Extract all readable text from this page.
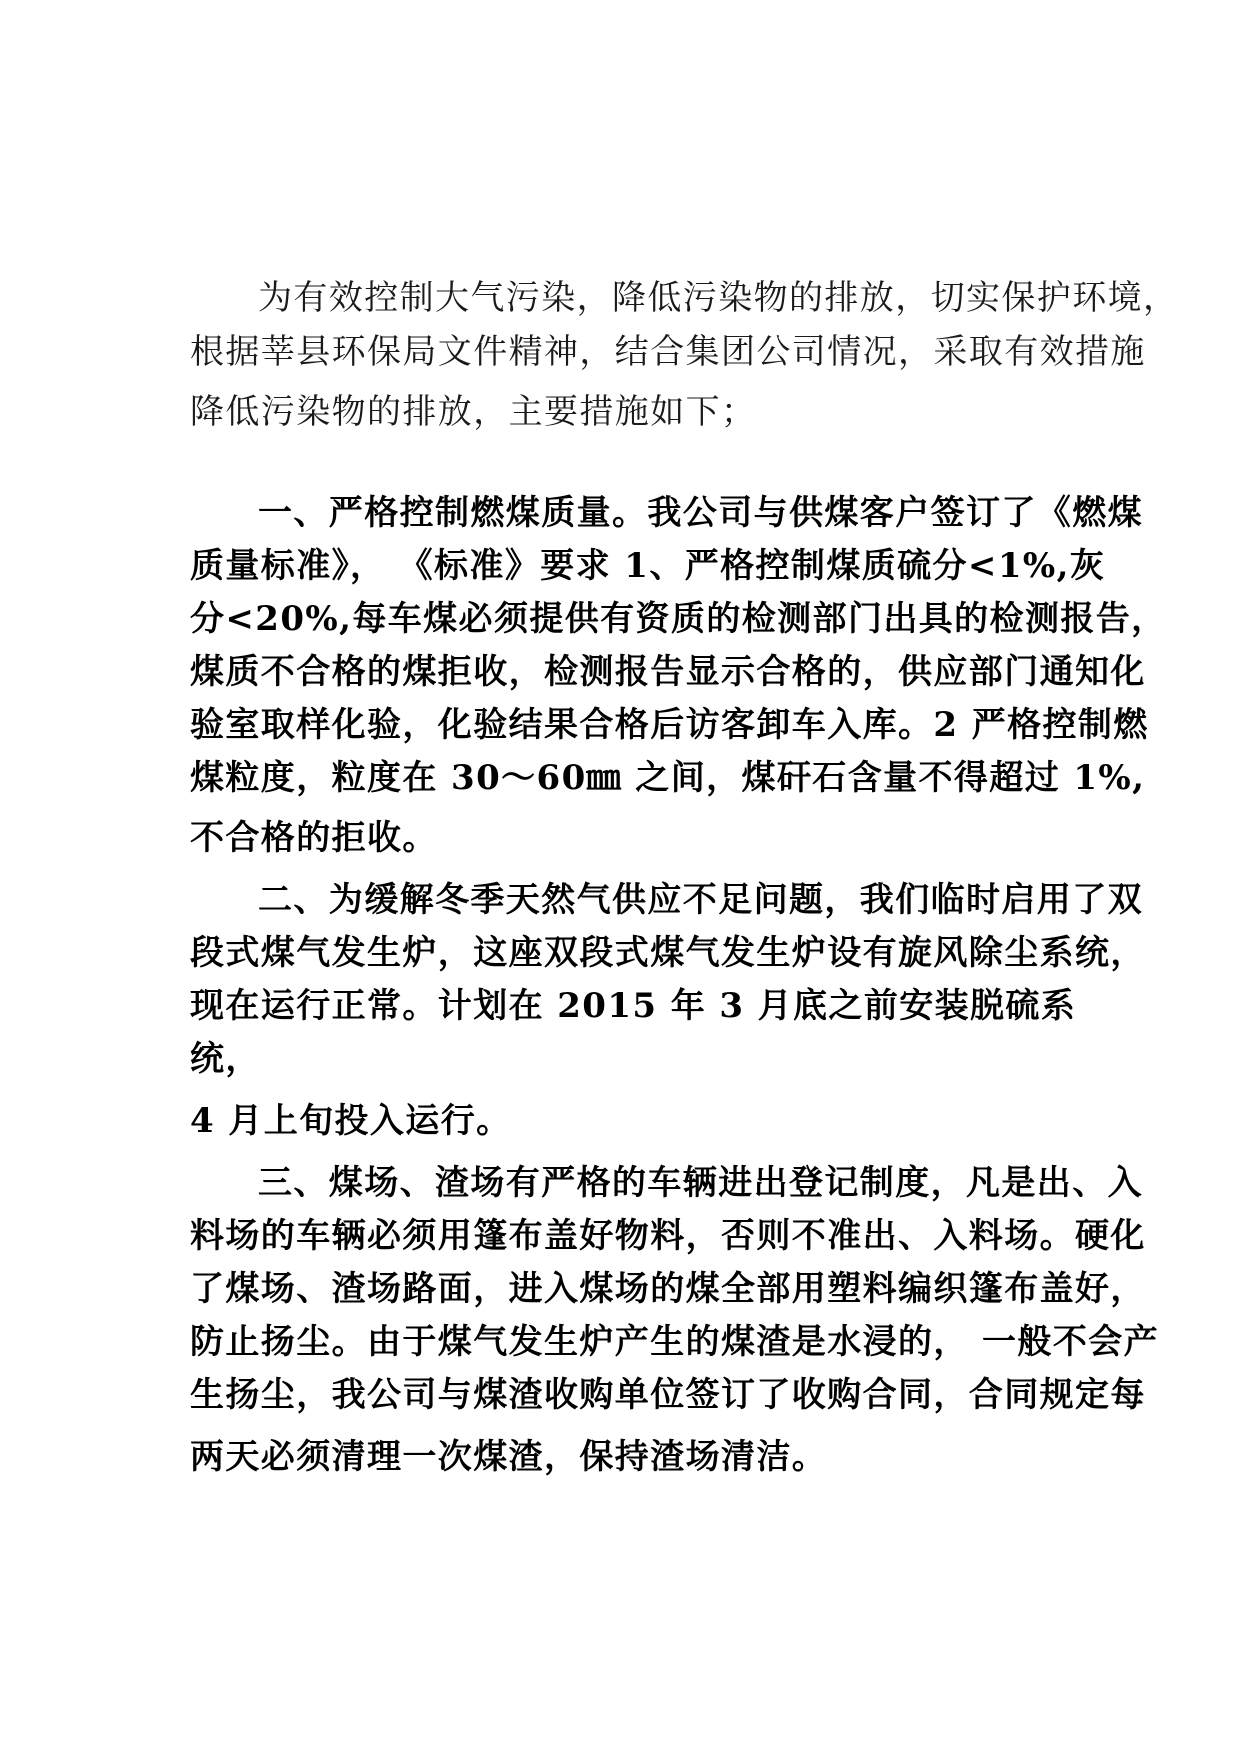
为有效控制大气污染，降低污染物的排放，切实保护环境，
根据莘县环保局文件精神，结合集团公司情况，采取有效措施
降低污染物的排放，主要措施如下；
一、严格控制燃煤质量。我公司与供煤客户签订了《燃煤
质量标准》， 《标准》要求 1、严格控制煤质硫分<1%,灰
分<20%,每车煤必须提供有资质的检测部门出具的检测报告，
煤质不合格的煤拒收，检测报告显示合格的，供应部门通知化
验室取样化验，化验结果合格后访客卸车入库。2 严格控制燃
煤粒度，粒度在 30～60㎜ 之间，煤矸石含量不得超过 1%,
不合格的拒收。
二、为缓解冬季天然气供应不足问题，我们临时启用了双
段式煤气发生炉，这座双段式煤气发生炉设有旋风除尘系统，
现在运行正常。计划在 2015 年 3 月底之前安装脱硫系
统，
4 月上旬投入运行。
三、煤场、渣场有严格的车辆进出登记制度，凡是出、入
料场的车辆必须用篷布盖好物料，否则不准出、入料场。硬化
了煤场、渣场路面，进入煤场的煤全部用塑料编织篷布盖好，
防止扬尘。由于煤气发生炉产生的煤渣是水浸的， 一般不会产
生扬尘，我公司与煤渣收购单位签订了收购合同，合同规定每
两天必须清理一次煤渣，保持渣场清洁。
